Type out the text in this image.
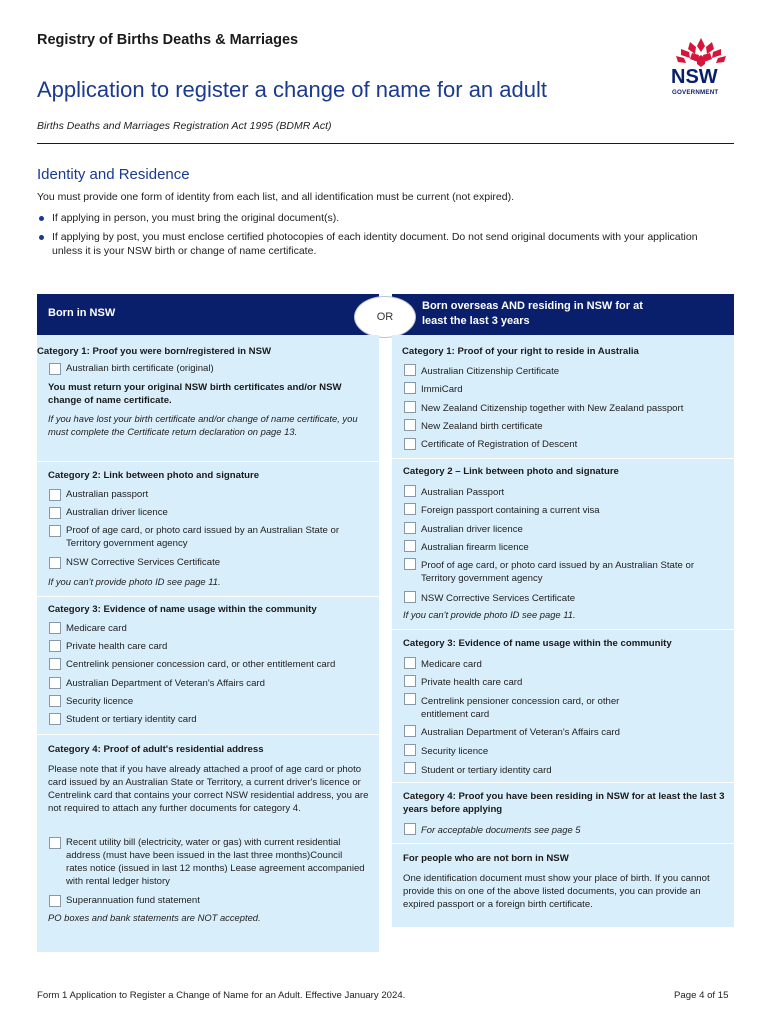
Registry of Births Deaths & Marriages
Application to register a change of name for an adult
Births Deaths and Marriages Registration Act 1995 (BDMR Act)
NSW
GOVERNMENT
Identity and Residence
You must provide one form of identity from each list, and all identification must be current (not expired).
If applying in person, you must bring the original document(s).
If applying by post, you must enclose certified photocopies of each identity document. Do not send original documents with your application unless it is your NSW birth or change of name certificate.
Born in NSW
Born overseas AND residing in NSW for at least the last 3 years
OR
Category 1: Proof you were born/registered in NSW
Australian birth certificate (original)
You must return your original NSW birth certificates and/or NSW change of name certificate.
If you have lost your birth certificate and/or change of name certificate, you must complete the Certificate return declaration on page 13.
Category 2: Link between photo and signature
Australian passport
Australian driver licence
Proof of age card, or photo card issued by an Australian State or Territory government agency
NSW Corrective Services Certificate
If you can't provide photo ID see page 11.
Category 3: Evidence of name usage within the community
Medicare card
Private health care card
Centrelink pensioner concession card, or other entitlement card
Australian Department of Veteran's Affairs card
Security licence
Student or tertiary identity card
Category 4: Proof of adult's residential address
Please note that if you have already attached a proof of age card or photo card issued by an Australian State or Territory, a current driver's licence or Centrelink card that contains your correct NSW residential address, you are not required to attach any further documents for category 4.
Recent utility bill (electricity, water or gas) with current residential address (must have been issued in the last three months)Council rates notice (issued in last 12 months) Lease agreement accompanied with rental ledger history
Superannuation fund statement
PO boxes and bank statements are NOT accepted.
Category 1: Proof of your right to reside in Australia
Australian Citizenship Certificate
ImmiCard
New Zealand Citizenship together with New Zealand passport
New Zealand birth certificate
Certificate of Registration of Descent
Category 2 – Link between photo and signature
Australian Passport
Foreign passport containing a current visa
Australian driver licence
Australian firearm licence
Proof of age card, or photo card issued by an Australian State or Territory government agency
NSW Corrective Services Certificate
If you can't provide photo ID see page 11.
Category 3: Evidence of name usage within the community
Medicare card
Private health care card
Centrelink pensioner concession card, or other entitlement card
Australian Department of Veteran's Affairs card
Security licence
Student or tertiary identity card
Category 4: Proof you have been residing in NSW for at least the last 3 years before applying
For acceptable documents see page 5
For people who are not born in NSW
One identification document must show your place of birth. If you cannot provide this on one of the above listed documents, you can provide an expired passport or a foreign birth certificate.
Form 1 Application to Register a Change of Name for an Adult. Effective January 2024.	Page 4 of 15
